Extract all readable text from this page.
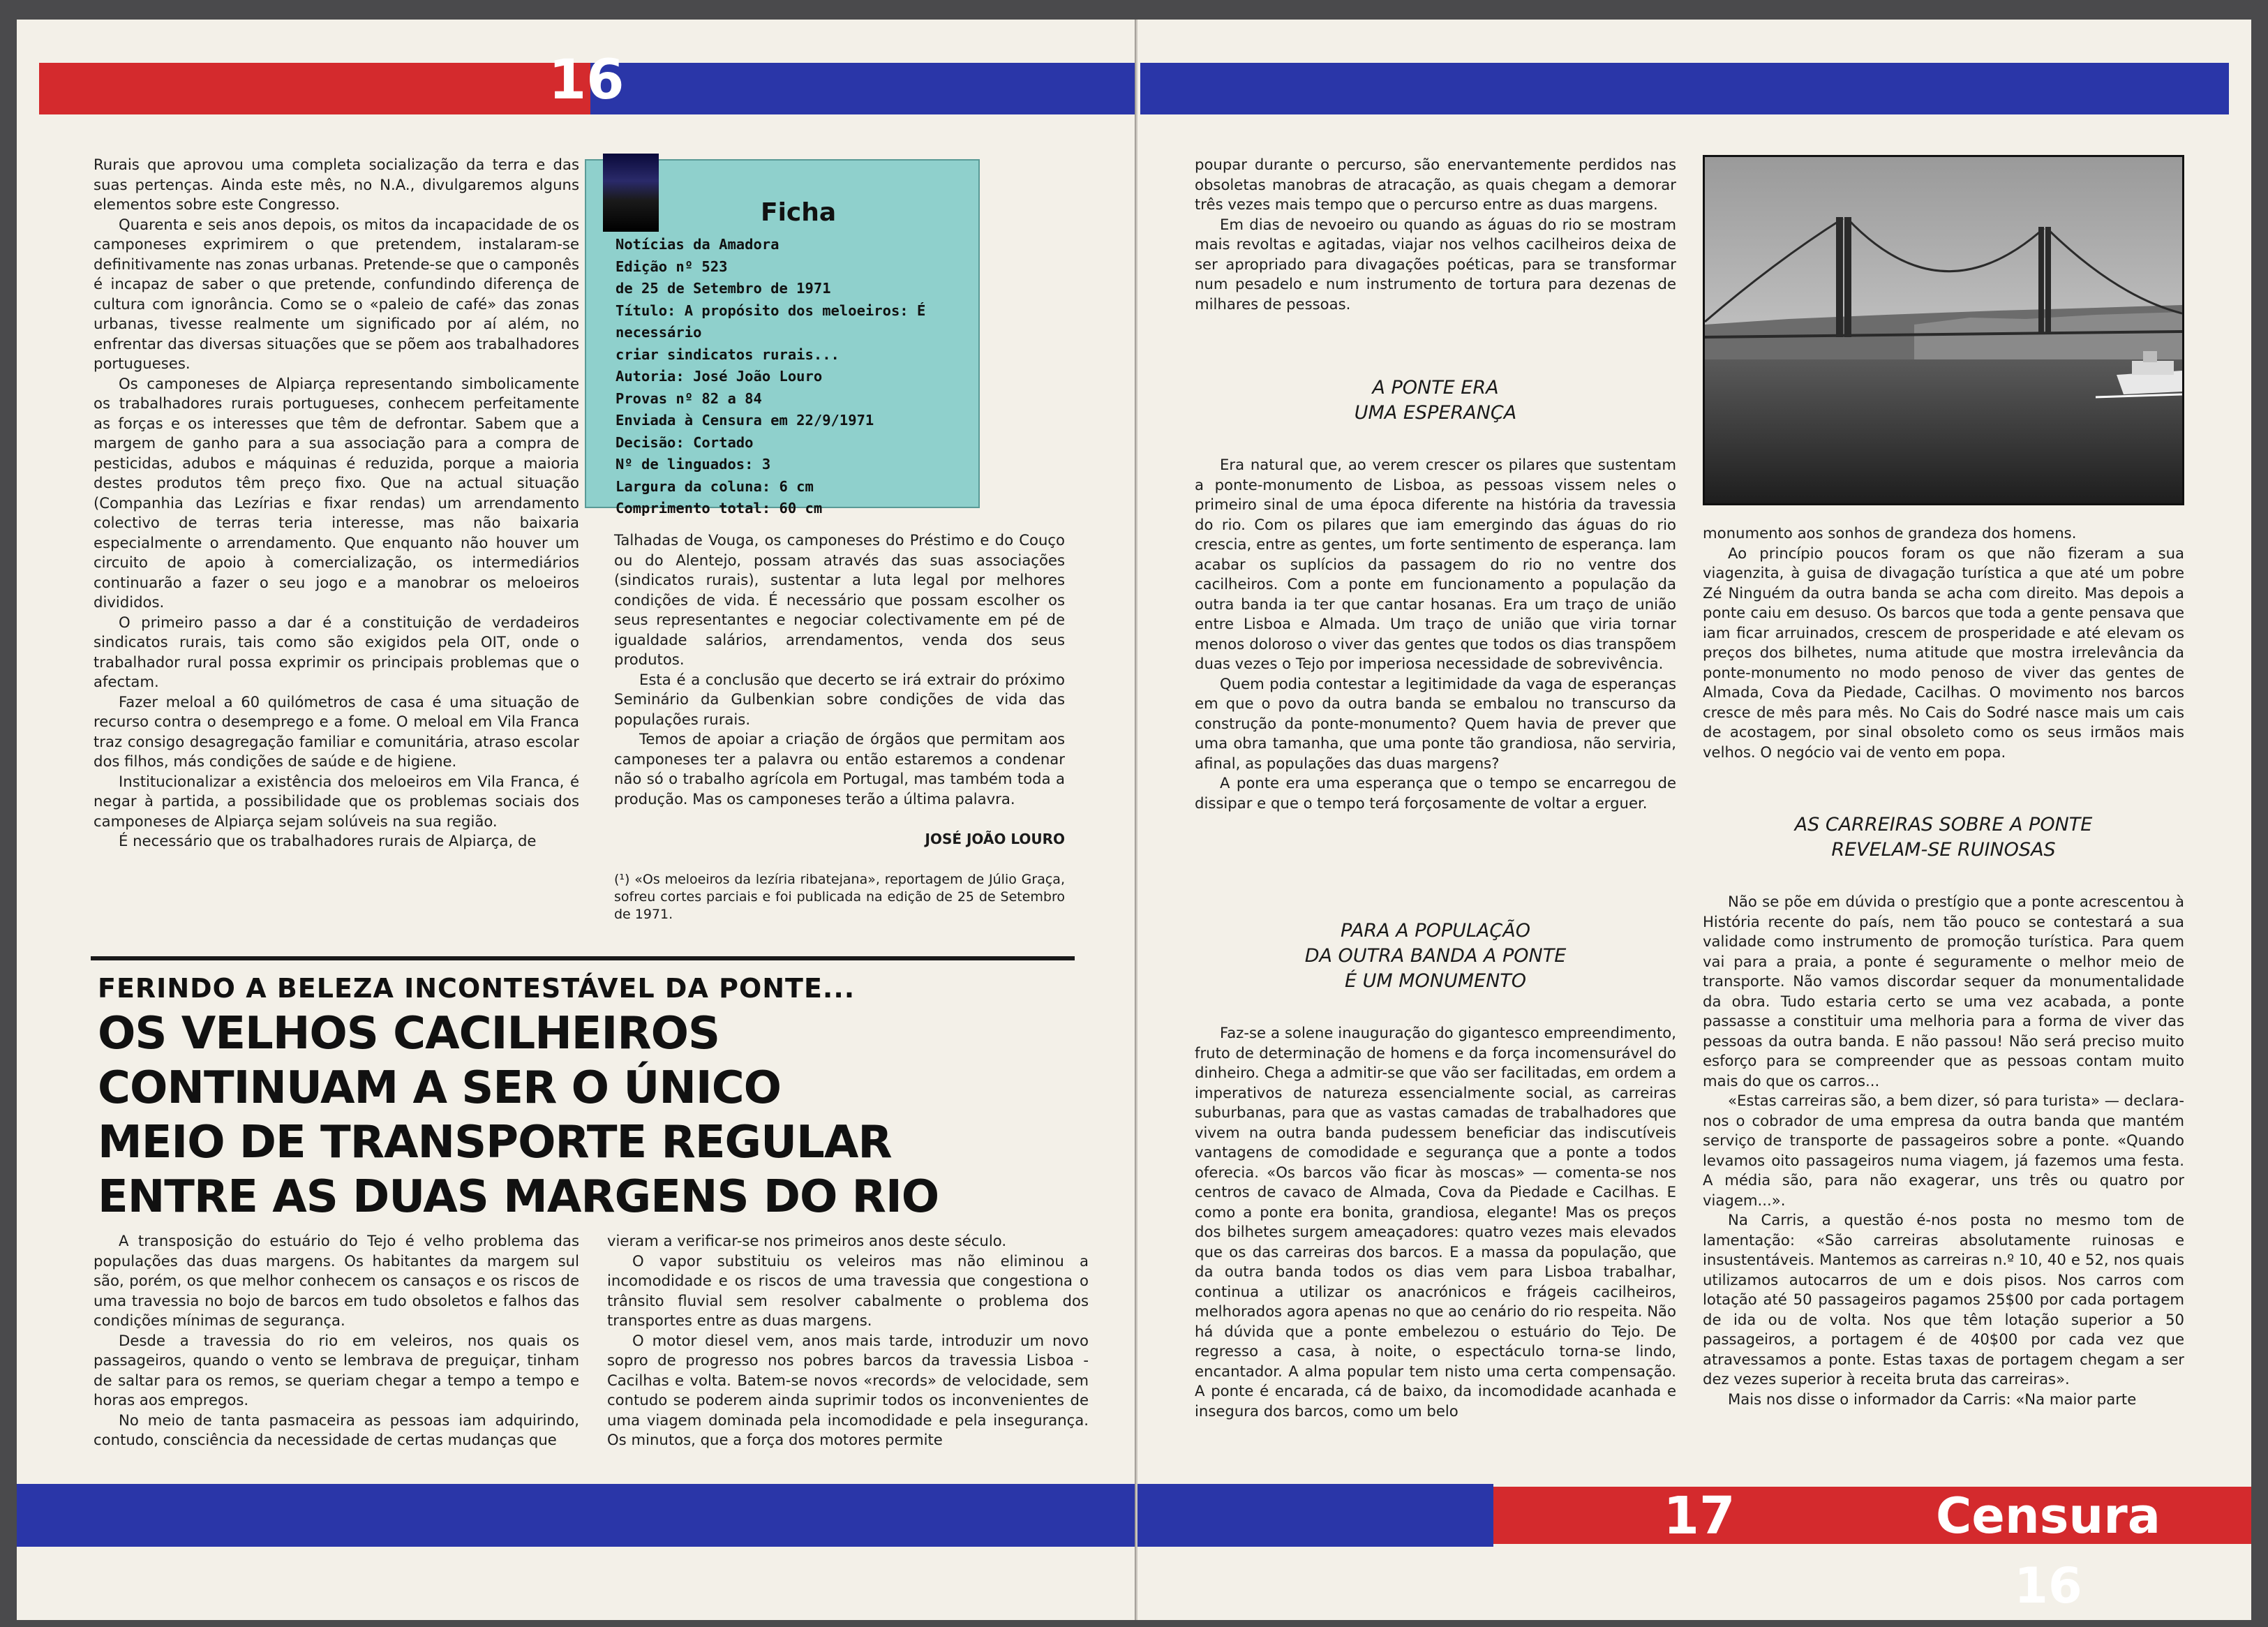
16

Rurais que aprovou uma completa socialização da terra e das suas pertenças. Ainda este mês, no N.A., divulgaremos alguns elementos sobre este Congresso.

Quarenta e seis anos depois, os mitos da incapacidade de os camponeses exprimirem o que pretendem, instalaram-se definitivamente nas zonas urbanas. Pretende-se que o camponês é incapaz de saber o que pretende, confundindo diferença de cultura com ignorância. Como se o «paleio de café» das zonas urbanas, tivesse realmente um significado por aí além, no enfrentar das diversas situações que se põem aos trabalhadores portugueses.

Os camponeses de Alpiarça representando simbolicamente os trabalhadores rurais portugueses, conhecem perfeitamente as forças e os interesses que têm de defrontar. Sabem que a margem de ganho para a sua associação para a compra de pesticidas, adubos e máquinas é reduzida, porque a maioria destes produtos têm preço fixo. Que na actual situação (Companhia das Lezírias e fixar rendas) um arrendamento colectivo de terras teria interesse, mas não baixaria especialmente o arrendamento. Que enquanto não houver um circuito de apoio à comercialização, os intermediários continuarão a fazer o seu jogo e a manobrar os meloeiros divididos.

O primeiro passo a dar é a constituição de verdadeiros sindicatos rurais, tais como são exigidos pela OIT, onde o trabalhador rural possa exprimir os principais problemas que o afectam.

Fazer meloal a 60 quilómetros de casa é uma situação de recurso contra o desemprego e a fome. O meloal em Vila Franca traz consigo desagregação familiar e comunitária, atraso escolar dos filhos, más condições de saúde e de higiene.

Institucionalizar a existência dos meloeiros em Vila Franca, é negar à partida, a possibilidade que os problemas sociais dos camponeses de Alpiarça sejam solúveis na sua região.

É necessário que os trabalhadores rurais de Alpiarça, de

Ficha
Notícias da Amadora
Edição nº 523
de 25 de Setembro de 1971
Título: A propósito dos meloeiros: É necessário
criar sindicatos rurais...
Autoria: José João Louro
Provas nº 82 a 84
Enviada à Censura em 22/9/1971
Decisão: Cortado
Nº de linguados: 3
Largura da coluna: 6 cm
Comprimento total: 60 cm

Talhadas de Vouga, os camponeses do Préstimo e do Couço ou do Alentejo, possam através das suas associações (sindicatos rurais), sustentar a luta legal por melhores condições de vida. É necessário que possam escolher os seus representantes e negociar colectivamente em pé de igualdade salários, arrendamentos, venda dos seus produtos.

Esta é a conclusão que decerto se irá extrair do próximo Seminário da Gulbenkian sobre condições de vida das populações rurais.

Temos de apoiar a criação de órgãos que permitam aos camponeses ter a palavra ou então estaremos a condenar não só o trabalho agrícola em Portugal, mas também toda a produção. Mas os camponeses terão a última palavra.

JOSÉ JOÃO LOURO
(¹) «Os meloeiros da lezíria ribatejana», reportagem de Júlio Graça, sofreu cortes parciais e foi publicada na edição de 25 de Setembro de 1971.
FERINDO A BELEZA INCONTESTÁVEL DA PONTE...
OS VELHOS CACILHEIROS
CONTINUAM A SER O ÚNICO
MEIO DE TRANSPORTE REGULAR
ENTRE AS DUAS MARGENS DO RIO

A transposição do estuário do Tejo é velho problema das populações das duas margens. Os habitantes da margem sul são, porém, os que melhor conhecem os cansaços e os riscos de uma travessia no bojo de barcos em tudo obsoletos e falhos das condições mínimas de segurança.

Desde a travessia do rio em veleiros, nos quais os passageiros, quando o vento se lembrava de preguiçar, tinham de saltar para os remos, se queriam chegar a tempo a tempo e horas aos empregos.

No meio de tanta pasmaceira as pessoas iam adquirindo, contudo, consciência da necessidade de certas mudanças que

vieram a verificar-se nos primeiros anos deste século.

O vapor substituiu os veleiros mas não eliminou a incomodidade e os riscos de uma travessia que congestiona o trânsito fluvial sem resolver cabalmente o problema dos transportes entre as duas margens.

O motor diesel vem, anos mais tarde, introduzir um novo sopro de progresso nos pobres barcos da travessia Lisboa - Cacilhas e volta. Batem-se novos «records» de velocidade, sem contudo se poderem ainda suprimir todos os inconvenientes de uma viagem dominada pela incomodidade e pela insegurança. Os minutos, que a força dos motores permite

17	Censura 16

poupar durante o percurso, são enervantemente perdidos nas obsoletas manobras de atracação, as quais chegam a demorar três vezes mais tempo que o percurso entre as duas margens.

Em dias de nevoeiro ou quando as águas do rio se mostram mais revoltas e agitadas, viajar nos velhos cacilheiros deixa de ser apropriado para divagações poéticas, para se transformar num pesadelo e num instrumento de tortura para dezenas de milhares de pessoas.

A PONTE ERA
UMA ESPERANÇA

Era natural que, ao verem crescer os pilares que sustentam a ponte-monumento de Lisboa, as pessoas vissem neles o primeiro sinal de uma época diferente na história da travessia do rio. Com os pilares que iam emergindo das águas do rio crescia, entre as gentes, um forte sentimento de esperança. Iam acabar os suplícios da passagem do rio no ventre dos cacilheiros. Com a ponte em funcionamento a população da outra banda ia ter que cantar hosanas. Era um traço de união entre Lisboa e Almada. Um traço de união que viria tornar menos doloroso o viver das gentes que todos os dias transpõem duas vezes o Tejo por imperiosa necessidade de sobrevivência.

Quem podia contestar a legitimidade da vaga de esperanças em que o povo da outra banda se embalou no transcurso da construção da ponte-monumento? Quem havia de prever que uma obra tamanha, que uma ponte tão grandiosa, não serviria, afinal, as populações das duas margens?

A ponte era uma esperança que o tempo se encarregou de dissipar e que o tempo terá forçosamente de voltar a erguer.

PARA A POPULAÇÃO
DA OUTRA BANDA A PONTE
É UM MONUMENTO

Faz-se a solene inauguração do gigantesco empreendimento, fruto de determinação de homens e da força incomensurável do dinheiro. Chega a admitir-se que vão ser facilitadas, em ordem a imperativos de natureza essencialmente social, as carreiras suburbanas, para que as vastas camadas de trabalhadores que vivem na outra banda pudessem beneficiar das indiscutíveis vantagens de comodidade e segurança que a ponte a todos oferecia. «Os barcos vão ficar às moscas» — comenta-se nos centros de cavaco de Almada, Cova da Piedade e Cacilhas. E como a ponte era bonita, grandiosa, elegante! Mas os preços dos bilhetes surgem ameaçadores: quatro vezes mais elevados que os das carreiras dos barcos. E a massa da população, que da outra banda todos os dias vem para Lisboa trabalhar, continua a utilizar os anacrónicos e frágeis cacilheiros, melhorados agora apenas no que ao cenário do rio respeita. Não há dúvida que a ponte embelezou o estuário do Tejo. De regresso a casa, à noite, o espectáculo torna-se lindo, encantador. A alma popular tem nisto uma certa compensação. A ponte é encarada, cá de baixo, da incomodidade acanhada e insegura dos barcos, como um belo

monumento aos sonhos de grandeza dos homens.

Ao princípio poucos foram os que não fizeram a sua viagenzita, à guisa de divagação turística a que até um pobre Zé Ninguém da outra banda se acha com direito. Mas depois a ponte caiu em desuso. Os barcos que toda a gente pensava que iam ficar arruinados, crescem de prosperidade e até elevam os preços dos bilhetes, numa atitude que mostra irrelevância da ponte-monumento no modo penoso de viver das gentes de Almada, Cova da Piedade, Cacilhas. O movimento nos barcos cresce de mês para mês. No Cais do Sodré nasce mais um cais de acostagem, por sinal obsoleto como os seus irmãos mais velhos. O negócio vai de vento em popa.

AS CARREIRAS SOBRE A PONTE
REVELAM-SE RUINOSAS

Não se põe em dúvida o prestígio que a ponte acrescentou à História recente do país, nem tão pouco se contestará a sua validade como instrumento de promoção turística. Para quem vai para a praia, a ponte é seguramente o melhor meio de transporte. Não vamos discordar sequer da monumentalidade da obra. Tudo estaria certo se uma vez acabada, a ponte passasse a constituir uma melhoria para a forma de viver das pessoas da outra banda. E não passou! Não será preciso muito esforço para se compreender que as pessoas contam muito mais do que os carros...

«Estas carreiras são, a bem dizer, só para turista» — declara-nos o cobrador de uma empresa da outra banda que mantém serviço de transporte de passageiros sobre a ponte. «Quando levamos oito passageiros numa viagem, já fazemos uma festa. A média são, para não exagerar, uns três ou quatro por viagem...».

Na Carris, a questão é-nos posta no mesmo tom de lamentação: «São carreiras absolutamente ruinosas e insustentáveis. Mantemos as carreiras n.º 10, 40 e 52, nos quais utilizamos autocarros de um e dois pisos. Nos carros com lotação até 50 passageiros pagamos 25$00 por cada portagem de ida ou de volta. Nos que têm lotação superior a 50 passageiros, a portagem é de 40$00 por cada vez que atravessamos a ponte. Estas taxas de portagem chegam a ser dez vezes superior à receita bruta das carreiras».

Mais nos disse o informador da Carris: «Na maior parte
